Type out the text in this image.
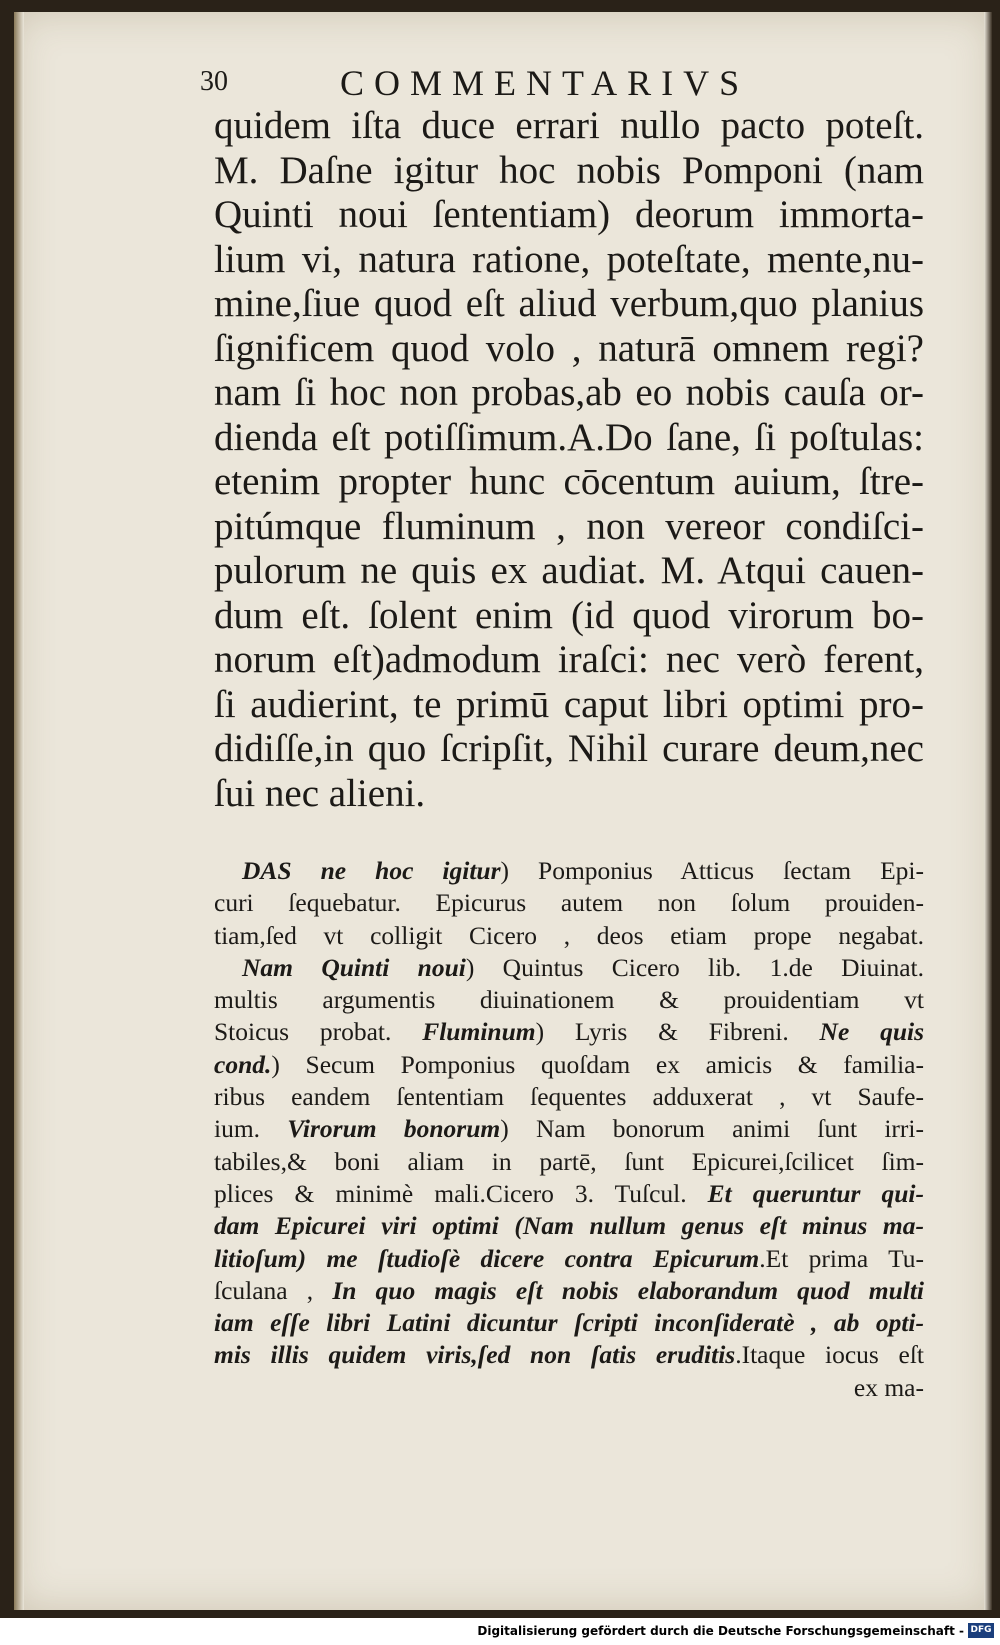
30	COMMENTARIVS
quidem iſta duce errari nullo pacto poteſt.
M. Daſne igitur hoc nobis Pomponi (nam
Quinti noui ſententiam) deorum immorta-
lium vi, natura ratione, poteſtate, mente,nu-
mine,ſiue quod eſt aliud verbum,quo planius
ſignificem quod volo , naturā omnem regi?
nam ſi hoc non probas,ab eo nobis cauſa or-
dienda eſt potiſſimum.A.Do ſane, ſi poſtulas:
etenim propter hunc cōcentum auium, ſtre-
pitúmque fluminum , non vereor condiſci-
pulorum ne quis ex audiat. M. Atqui cauen-
dum eſt. ſolent enim (id quod virorum bo-
norum eſt)admodum iraſci: nec verò ferent,
ſi audierint, te primū caput libri optimi pro-
didiſſe,in quo ſcripſit, Nihil curare deum,nec
ſui nec alieni.
DAS ne hoc igitur) Pomponius Atticus ſectam Epi-
curi ſequebatur. Epicurus autem non ſolum prouiden-
tiam,ſed vt colligit Cicero , deos etiam prope negabat.
Nam Quinti noui) Quintus Cicero lib. 1.de Diuinat.
multis argumentis diuinationem & prouidentiam vt
Stoicus probat. Fluminum) Lyris & Fibreni. Ne quis
cond.) Secum Pomponius quoſdam ex amicis & familia-
ribus eandem ſententiam ſequentes adduxerat , vt Saufe-
ium. Virorum bonorum) Nam bonorum animi ſunt irri-
tabiles,& boni aliam in partē, ſunt Epicurei,ſcilicet ſim-
plices & minimè mali.Cicero 3. Tuſcul. Et queruntur qui-
dam Epicurei viri optimi (Nam nullum genus eſt minus ma-
litioſum) me ſtudioſè dicere contra Epicurum.Et prima Tu-
ſculana , In quo magis eſt nobis elaborandum quod multi
iam eſſe libri Latini dicuntur ſcripti inconſideratè , ab opti-
mis illis quidem viris,ſed non ſatis eruditis.Itaque iocus eſt
ex ma-
Digitalisierung gefördert durch die Deutsche Forschungsgemeinschaft - DFG
